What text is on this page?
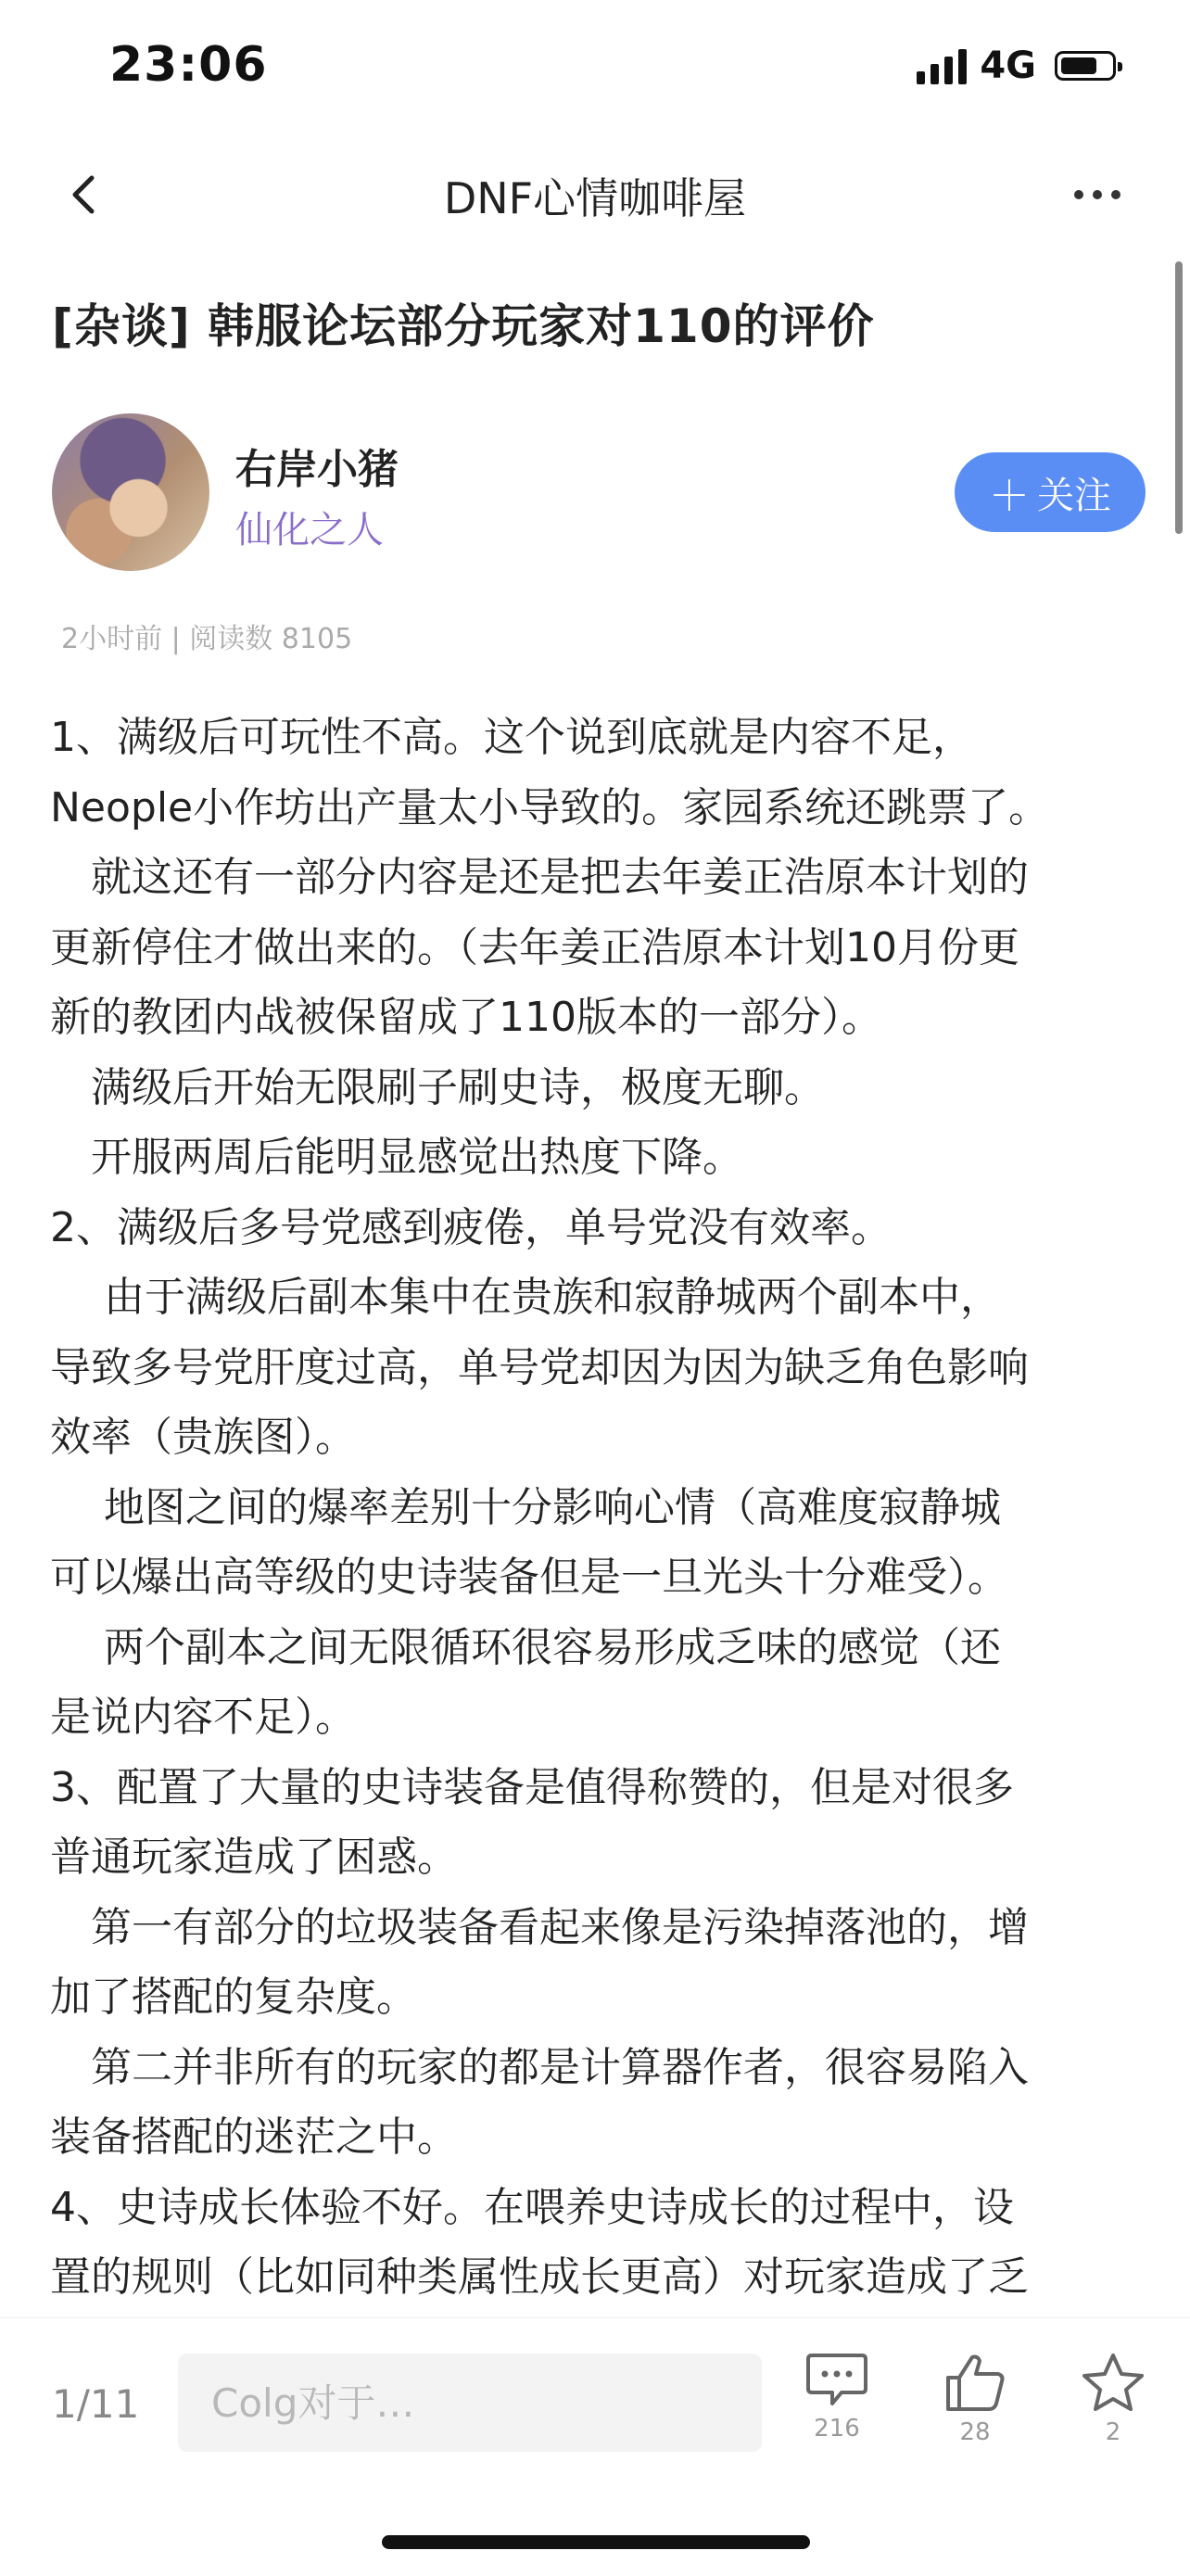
23:06	4G
DNF心情咖啡屋
[杂谈] 韩服论坛部分玩家对110的评价
右岸小猪
仙化之人
＋ 关注
2小时前 | 阅读数 8105
1、满级后可玩性不高。这个说到底就是内容不足，
Neople小作坊出产量太小导致的。家园系统还跳票了。
　就这还有一部分内容是还是把去年姜正浩原本计划的
更新停住才做出来的。（去年姜正浩原本计划10月份更
新的教团内战被保留成了110版本的一部分）。
　满级后开始无限刷子刷史诗，极度无聊。
　开服两周后能明显感觉出热度下降。
2、满级后多号党感到疲倦，单号党没有效率。
　 由于满级后副本集中在贵族和寂静城两个副本中，
导致多号党肝度过高，单号党却因为因为缺乏角色影响
效率（贵族图）。
　 地图之间的爆率差别十分影响心情（高难度寂静城
可以爆出高等级的史诗装备但是一旦光头十分难受）。
　 两个副本之间无限循环很容易形成乏味的感觉（还
是说内容不足）。
3、配置了大量的史诗装备是值得称赞的，但是对很多
普通玩家造成了困惑。
　第一有部分的垃圾装备看起来像是污染掉落池的，增
加了搭配的复杂度。
　第二并非所有的玩家的都是计算器作者，很容易陷入
装备搭配的迷茫之中。
4、史诗成长体验不好。在喂养史诗成长的过程中，设
置的规则（比如同种类属性成长更高）对玩家造成了乏
1/11
Colg对于…
216	28	2
